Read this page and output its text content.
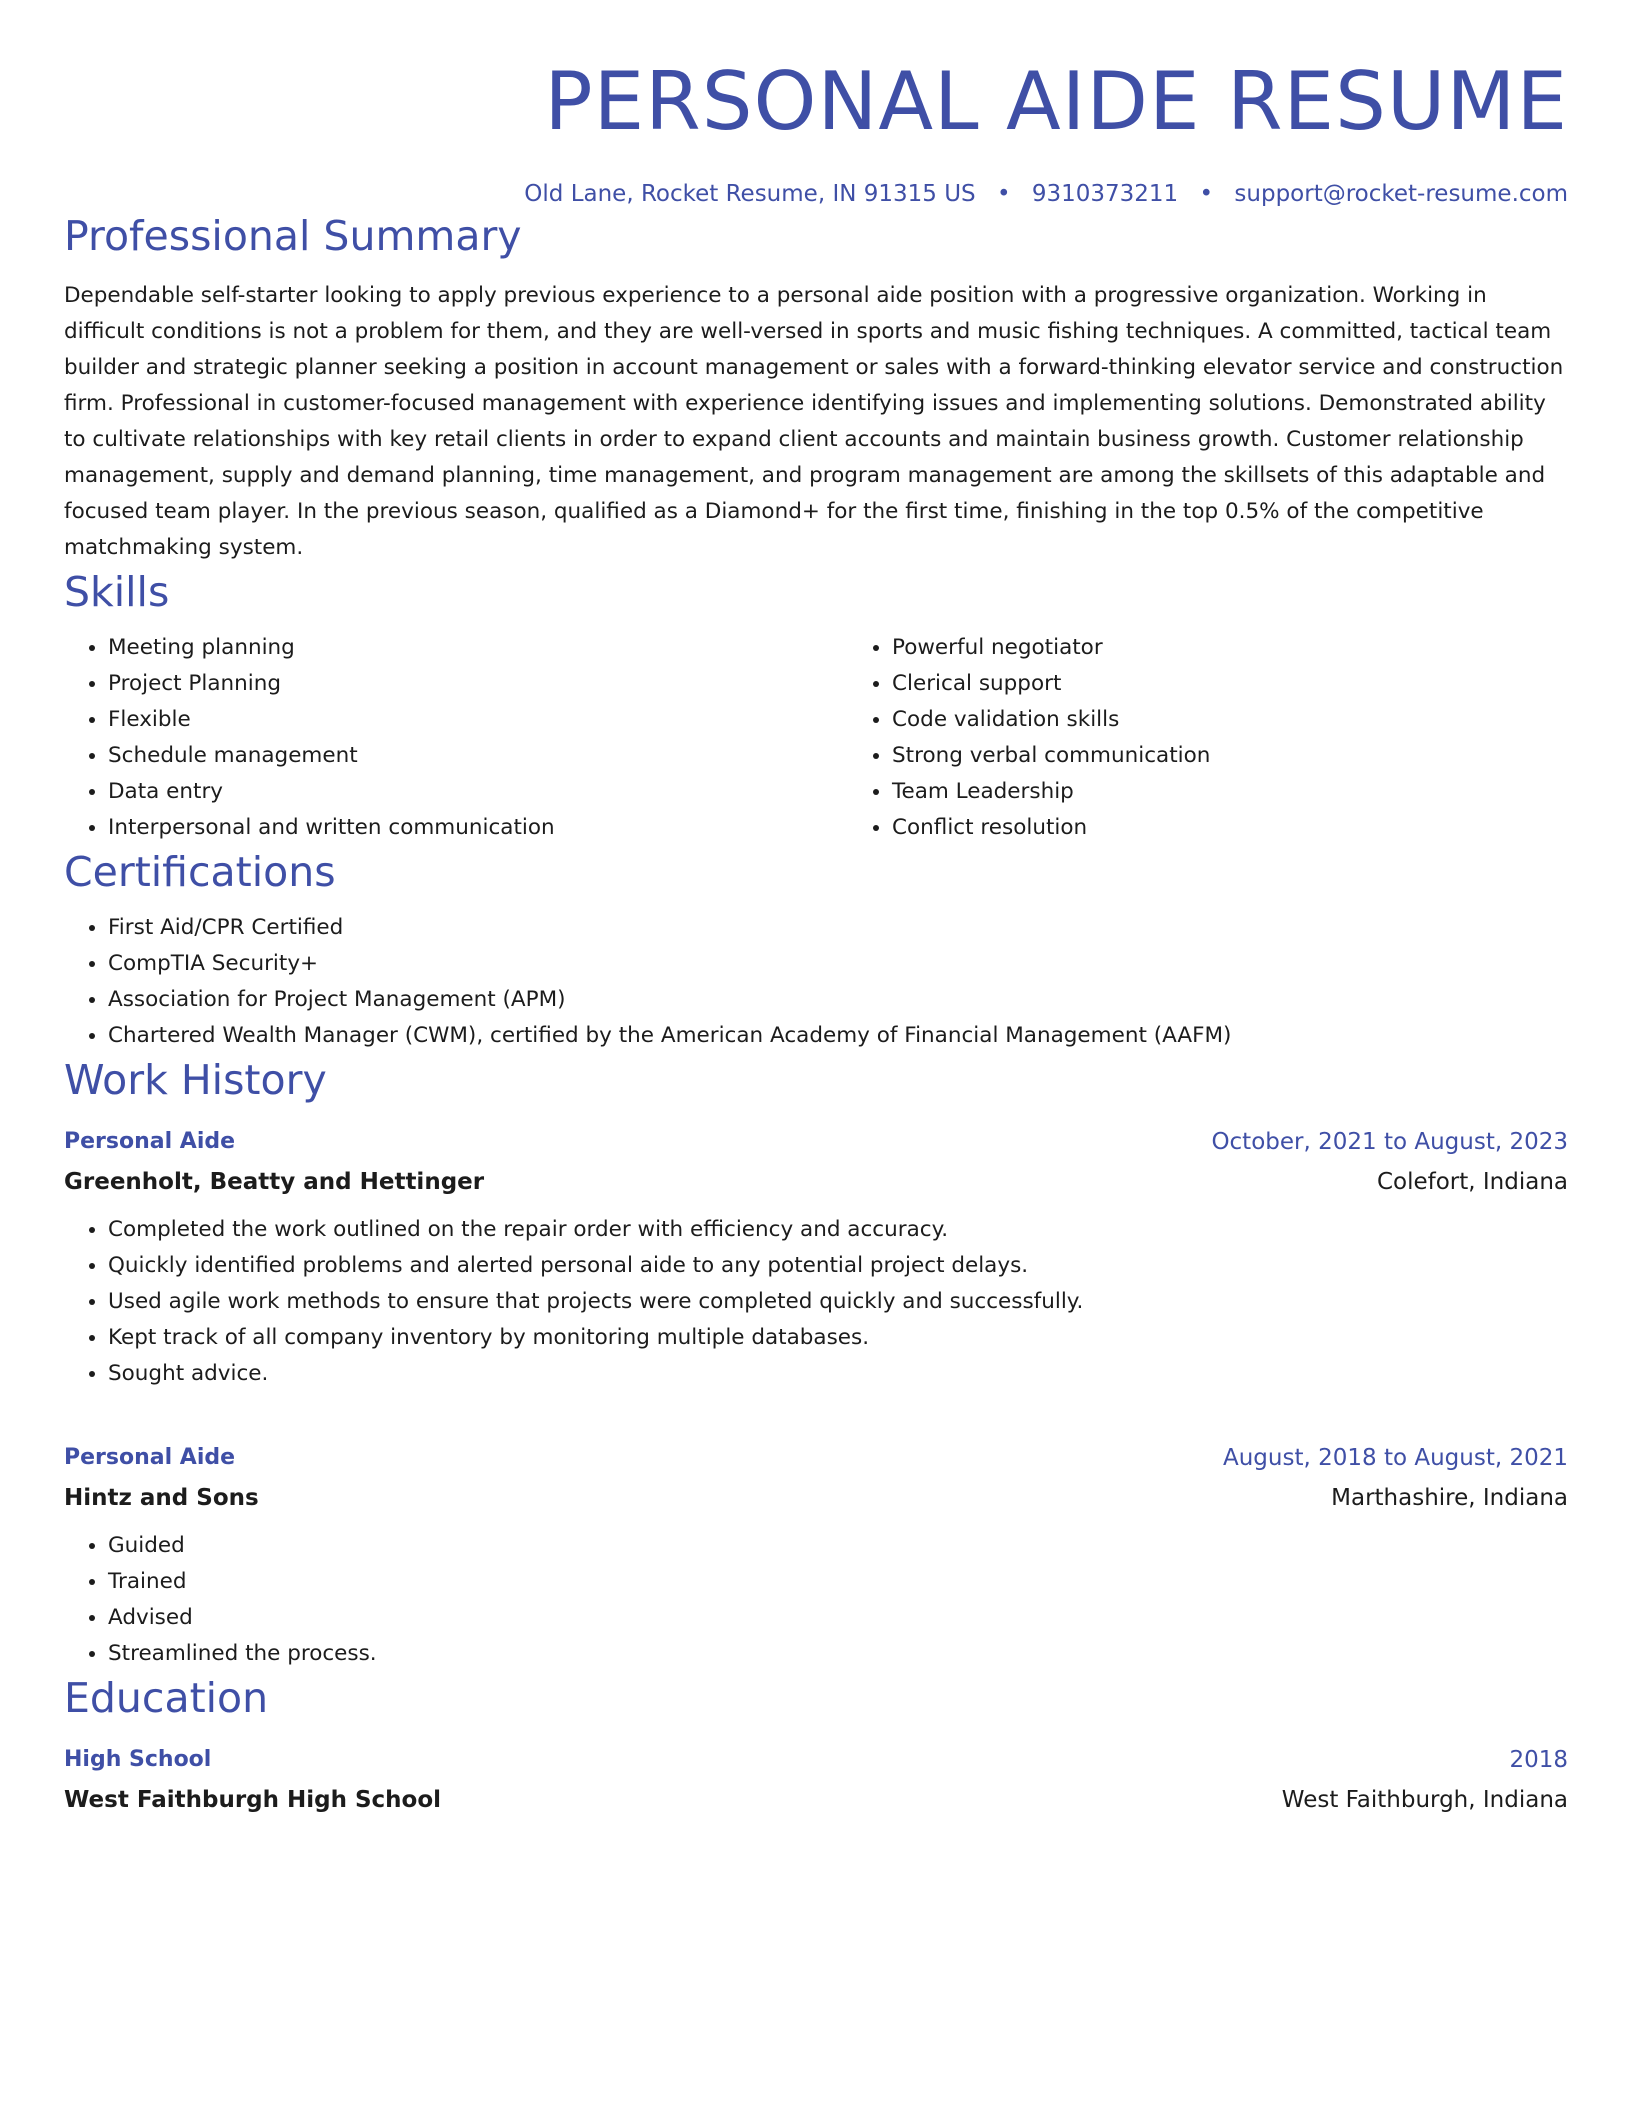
PERSONAL AIDE RESUME
Old Lane, Rocket Resume, IN 91315 US • 9310373211 • support@rocket-resume.com
Professional Summary

Dependable self-starter looking to apply previous experience to a personal aide position with a progressive organization. Working in difficult conditions is not a problem for them, and they are well-versed in sports and music fishing techniques. A committed, tactical team builder and strategic planner seeking a position in account management or sales with a forward-thinking elevator service and construction firm. Professional in customer-focused management with experience identifying issues and implementing solutions. Demonstrated ability to cultivate relationships with key retail clients in order to expand client accounts and maintain business growth. Customer relationship management, supply and demand planning, time management, and program management are among the skillsets of this adaptable and focused team player. In the previous season, qualified as a Diamond+ for the first time, finishing in the top 0.5% of the competitive matchmaking system.

Skills
• Meeting planning
• Project Planning
• Flexible
• Schedule management
• Data entry
• Interpersonal and written communication
• Powerful negotiator
• Clerical support
• Code validation skills
• Strong verbal communication
• Team Leadership
• Conflict resolution
Certifications
• First Aid/CPR Certified
• CompTIA Security+
• Association for Project Management (APM)
• Chartered Wealth Manager (CWM), certified by the American Academy of Financial Management (AAFM)
Work History
Personal Aide	October, 2021 to August, 2023
Greenholt, Beatty and Hettinger	Colefort, Indiana
• Completed the work outlined on the repair order with efficiency and accuracy.
• Quickly identified problems and alerted personal aide to any potential project delays.
• Used agile work methods to ensure that projects were completed quickly and successfully.
• Kept track of all company inventory by monitoring multiple databases.
• Sought advice.
Personal Aide	August, 2018 to August, 2021
Hintz and Sons	Marthashire, Indiana
• Guided
• Trained
• Advised
• Streamlined the process.
Education
High School	2018
West Faithburgh High School	West Faithburgh, Indiana
